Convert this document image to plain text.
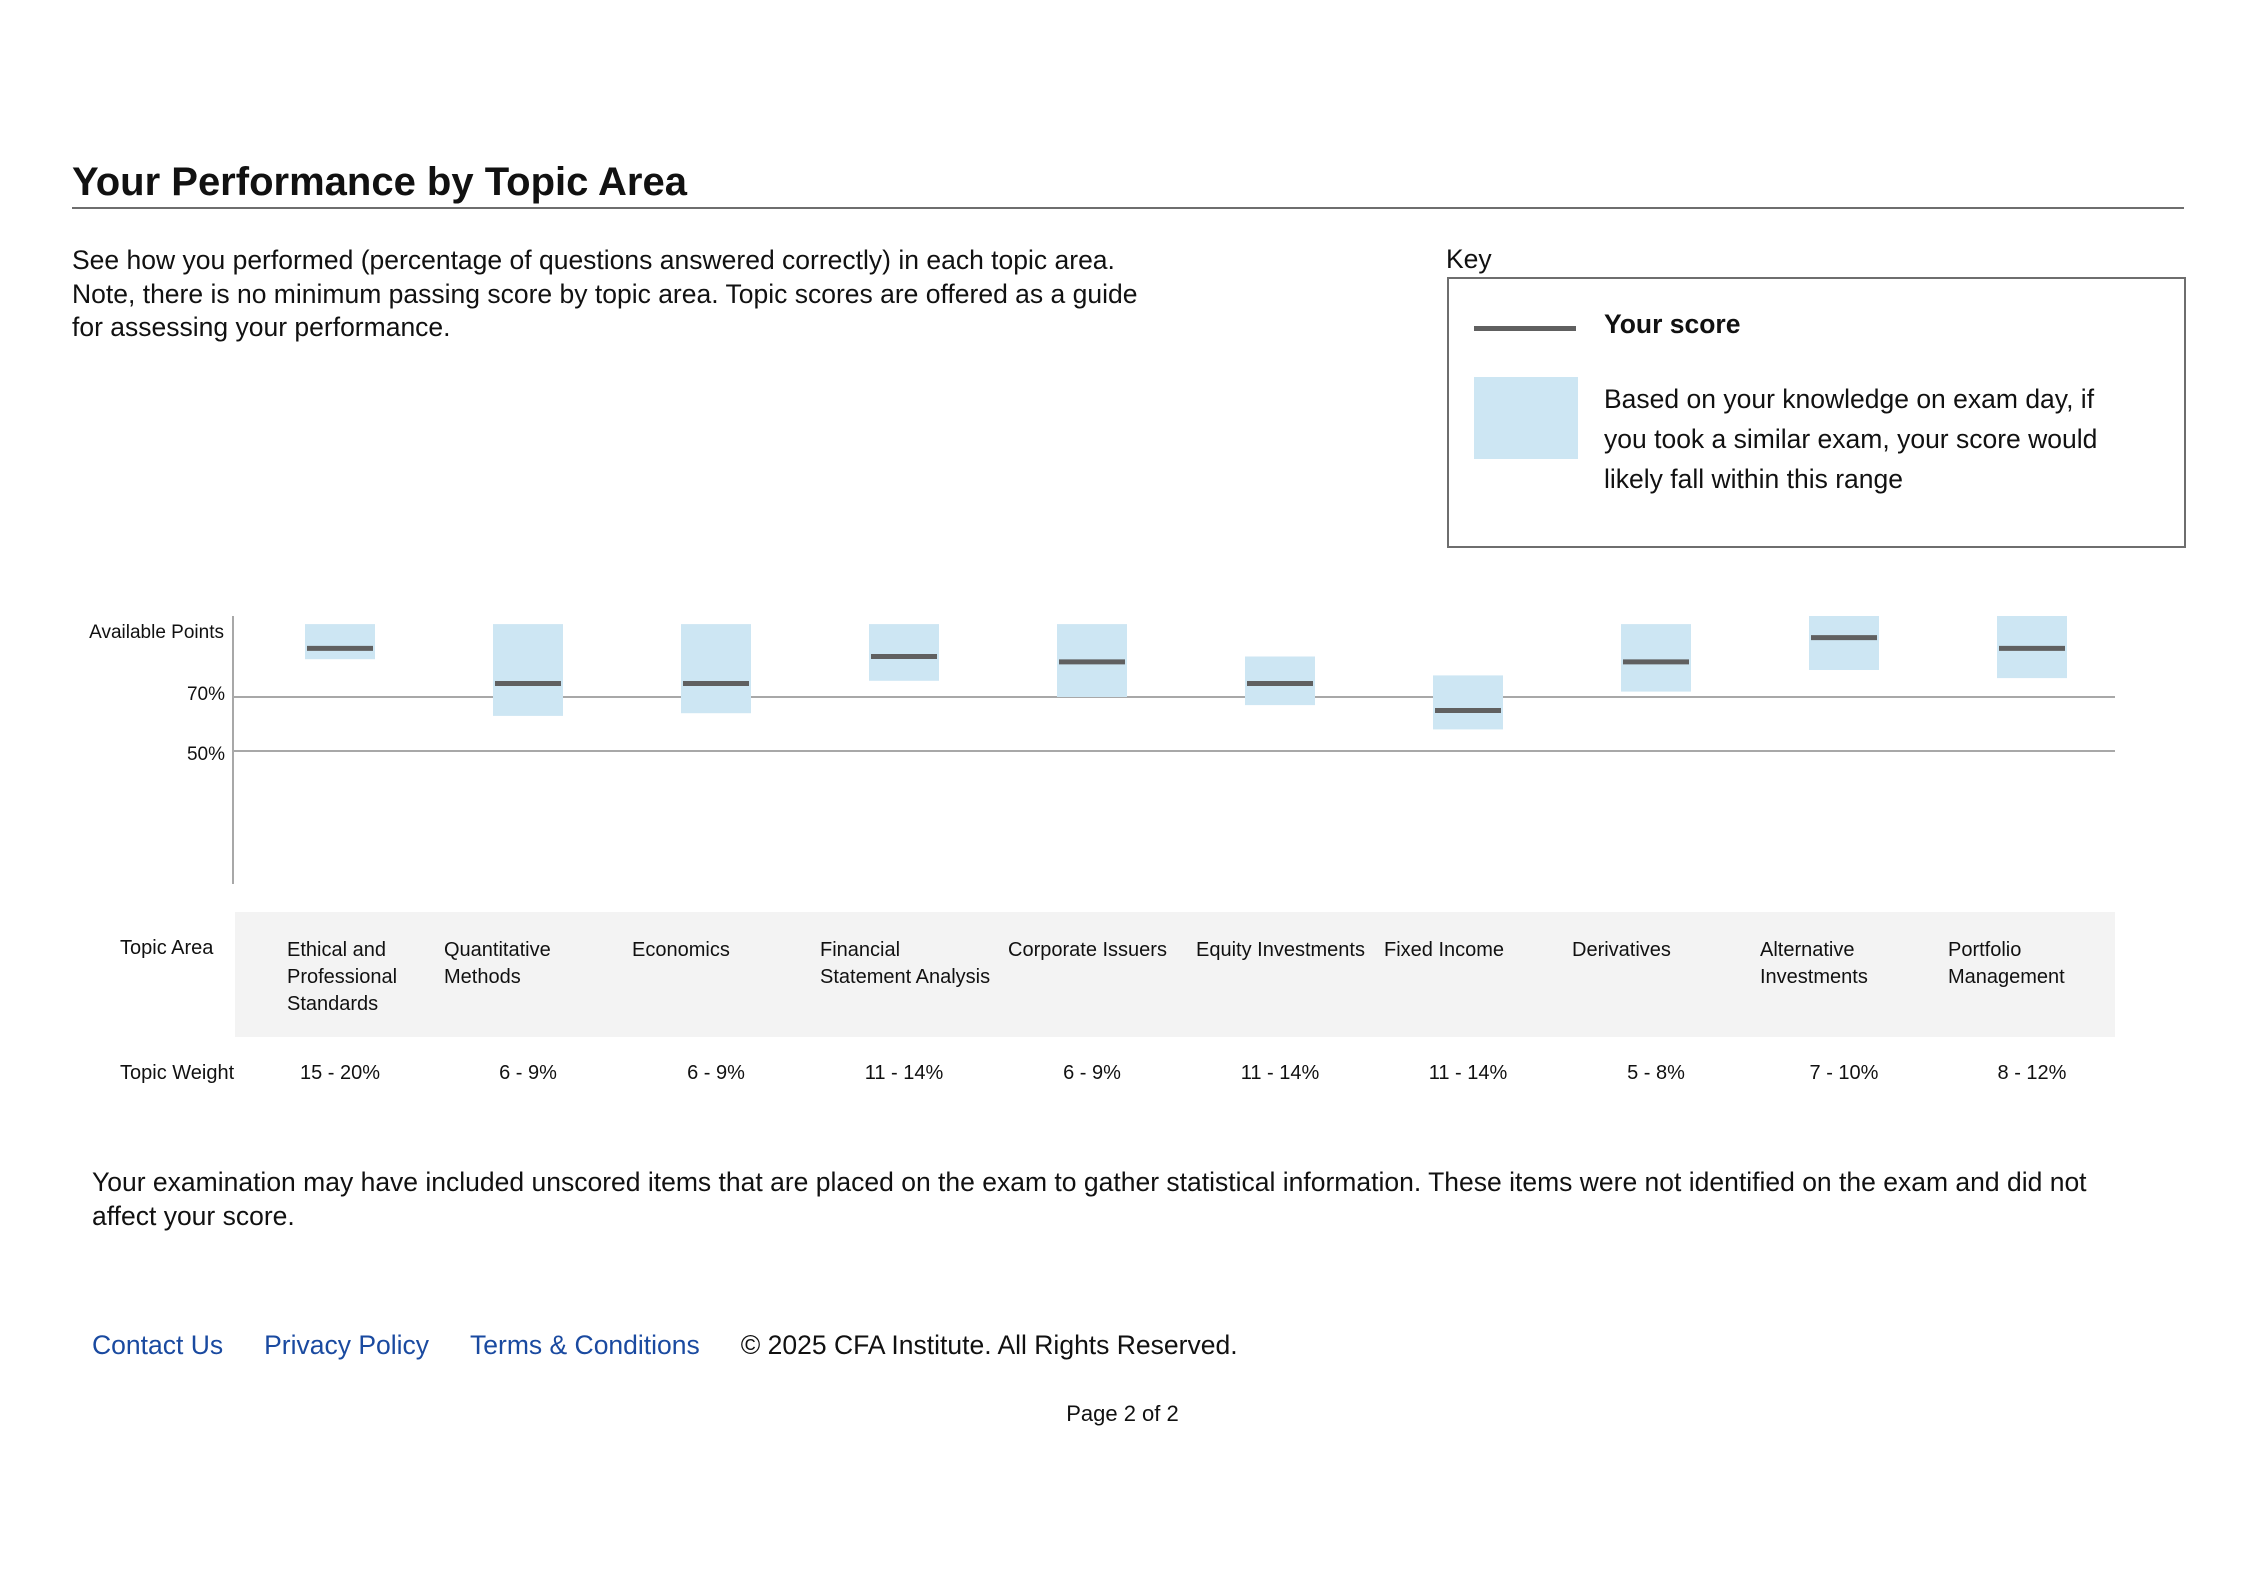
Your Performance by Topic Area
See how you performed (percentage of questions answered correctly) in each topic area. Note, there is no minimum passing score by topic area. Topic scores are offered as a guide for assessing your performance.
Key
Your score
Based on your knowledge on exam day, if you took a similar exam, your score would likely fall within this range
Available Points
70%
50%
Topic Area
Topic Weight
Ethical and Professional Standards
15 - 20%
Quantitative Methods
6 - 9%
Economics
6 - 9%
Financial Statement Analysis
11 - 14%
Corporate Issuers
6 - 9%
Equity Investments
11 - 14%
Fixed Income
11 - 14%
Derivatives
5 - 8%
Alternative Investments
7 - 10%
Portfolio Management
8 - 12%
Your examination may have included unscored items that are placed on the exam to gather statistical information. These items were not identified on the exam and did not affect your score.
Contact Us Privacy Policy Terms & Conditions © 2025 CFA Institute. All Rights Reserved.
Page 2 of 2
